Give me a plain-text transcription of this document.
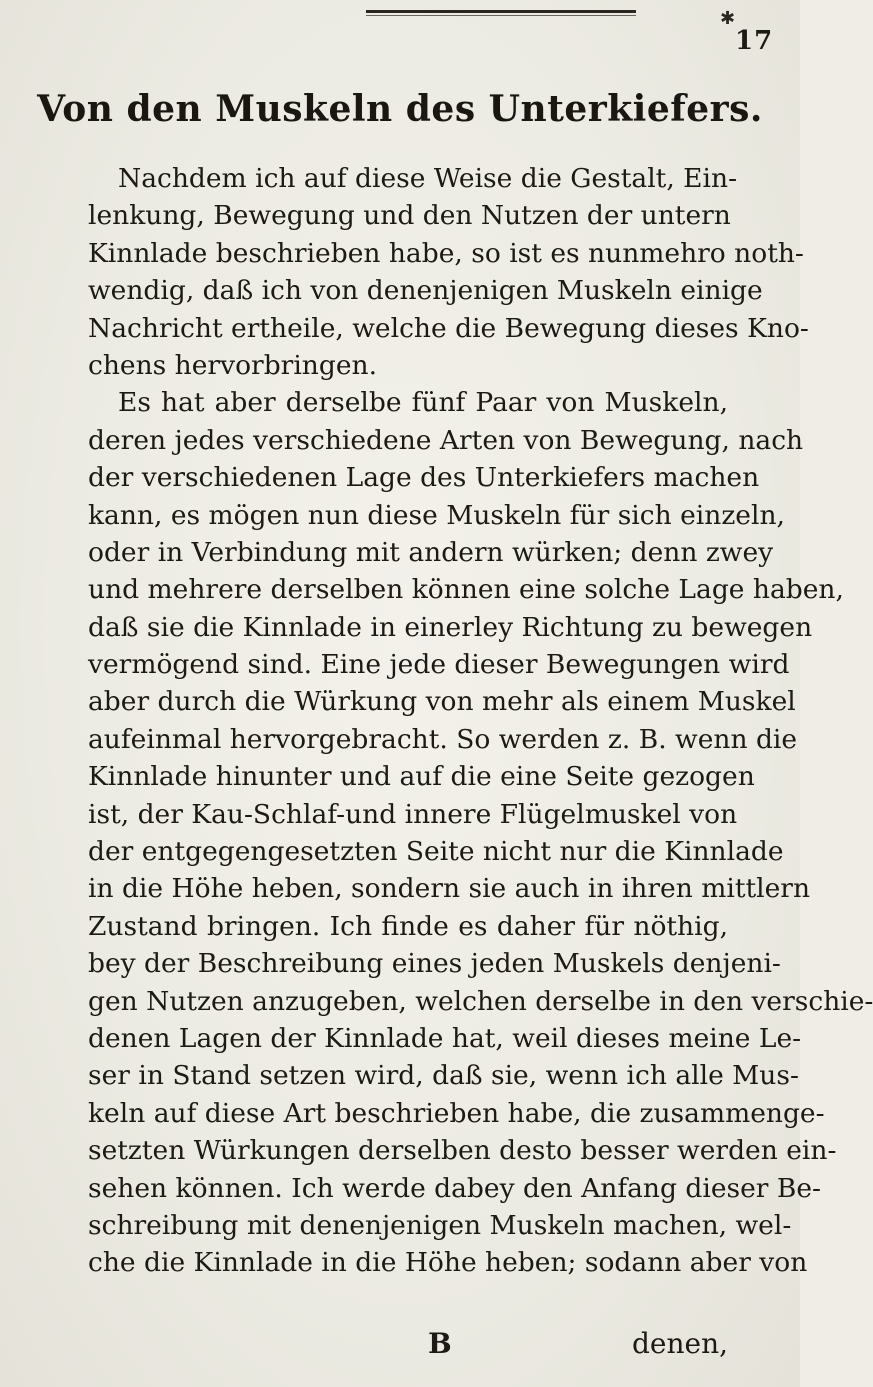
✱
17
Von den Muskeln des Unterkiefers.
Nachdem ich auf diese Weise die Gestalt, Ein-
lenkung, Bewegung und den Nutzen der untern
Kinnlade beschrieben habe, so ist es nunmehro noth-
wendig, daß ich von denenjenigen Muskeln einige
Nachricht ertheile, welche die Bewegung dieses Kno-
chens hervorbringen.
Es hat aber derselbe fünf Paar von Muskeln,
deren jedes verschiedene Arten von Bewegung, nach
der verschiedenen Lage des Unterkiefers machen
kann, es mögen nun diese Muskeln für sich einzeln,
oder in Verbindung mit andern würken; denn zwey
und mehrere derselben können eine solche Lage haben,
daß sie die Kinnlade in einerley Richtung zu bewegen
vermögend sind. Eine jede dieser Bewegungen wird
aber durch die Würkung von mehr als einem Muskel
aufeinmal hervorgebracht. So werden z. B. wenn die
Kinnlade hinunter und auf die eine Seite gezogen
ist, der Kau-Schlaf-und innere Flügelmuskel von
der entgegengesetzten Seite nicht nur die Kinnlade
in die Höhe heben, sondern sie auch in ihren mittlern
Zustand bringen. Ich finde es daher für nöthig,
bey der Beschreibung eines jeden Muskels denjeni-
gen Nutzen anzugeben, welchen derselbe in den verschie-
denen Lagen der Kinnlade hat, weil dieses meine Le-
ser in Stand setzen wird, daß sie, wenn ich alle Mus-
keln auf diese Art beschrieben habe, die zusammenge-
setzten Würkungen derselben desto besser werden ein-
sehen können. Ich werde dabey den Anfang dieser Be-
schreibung mit denenjenigen Muskeln machen, wel-
che die Kinnlade in die Höhe heben; sodann aber von
B	denen,
